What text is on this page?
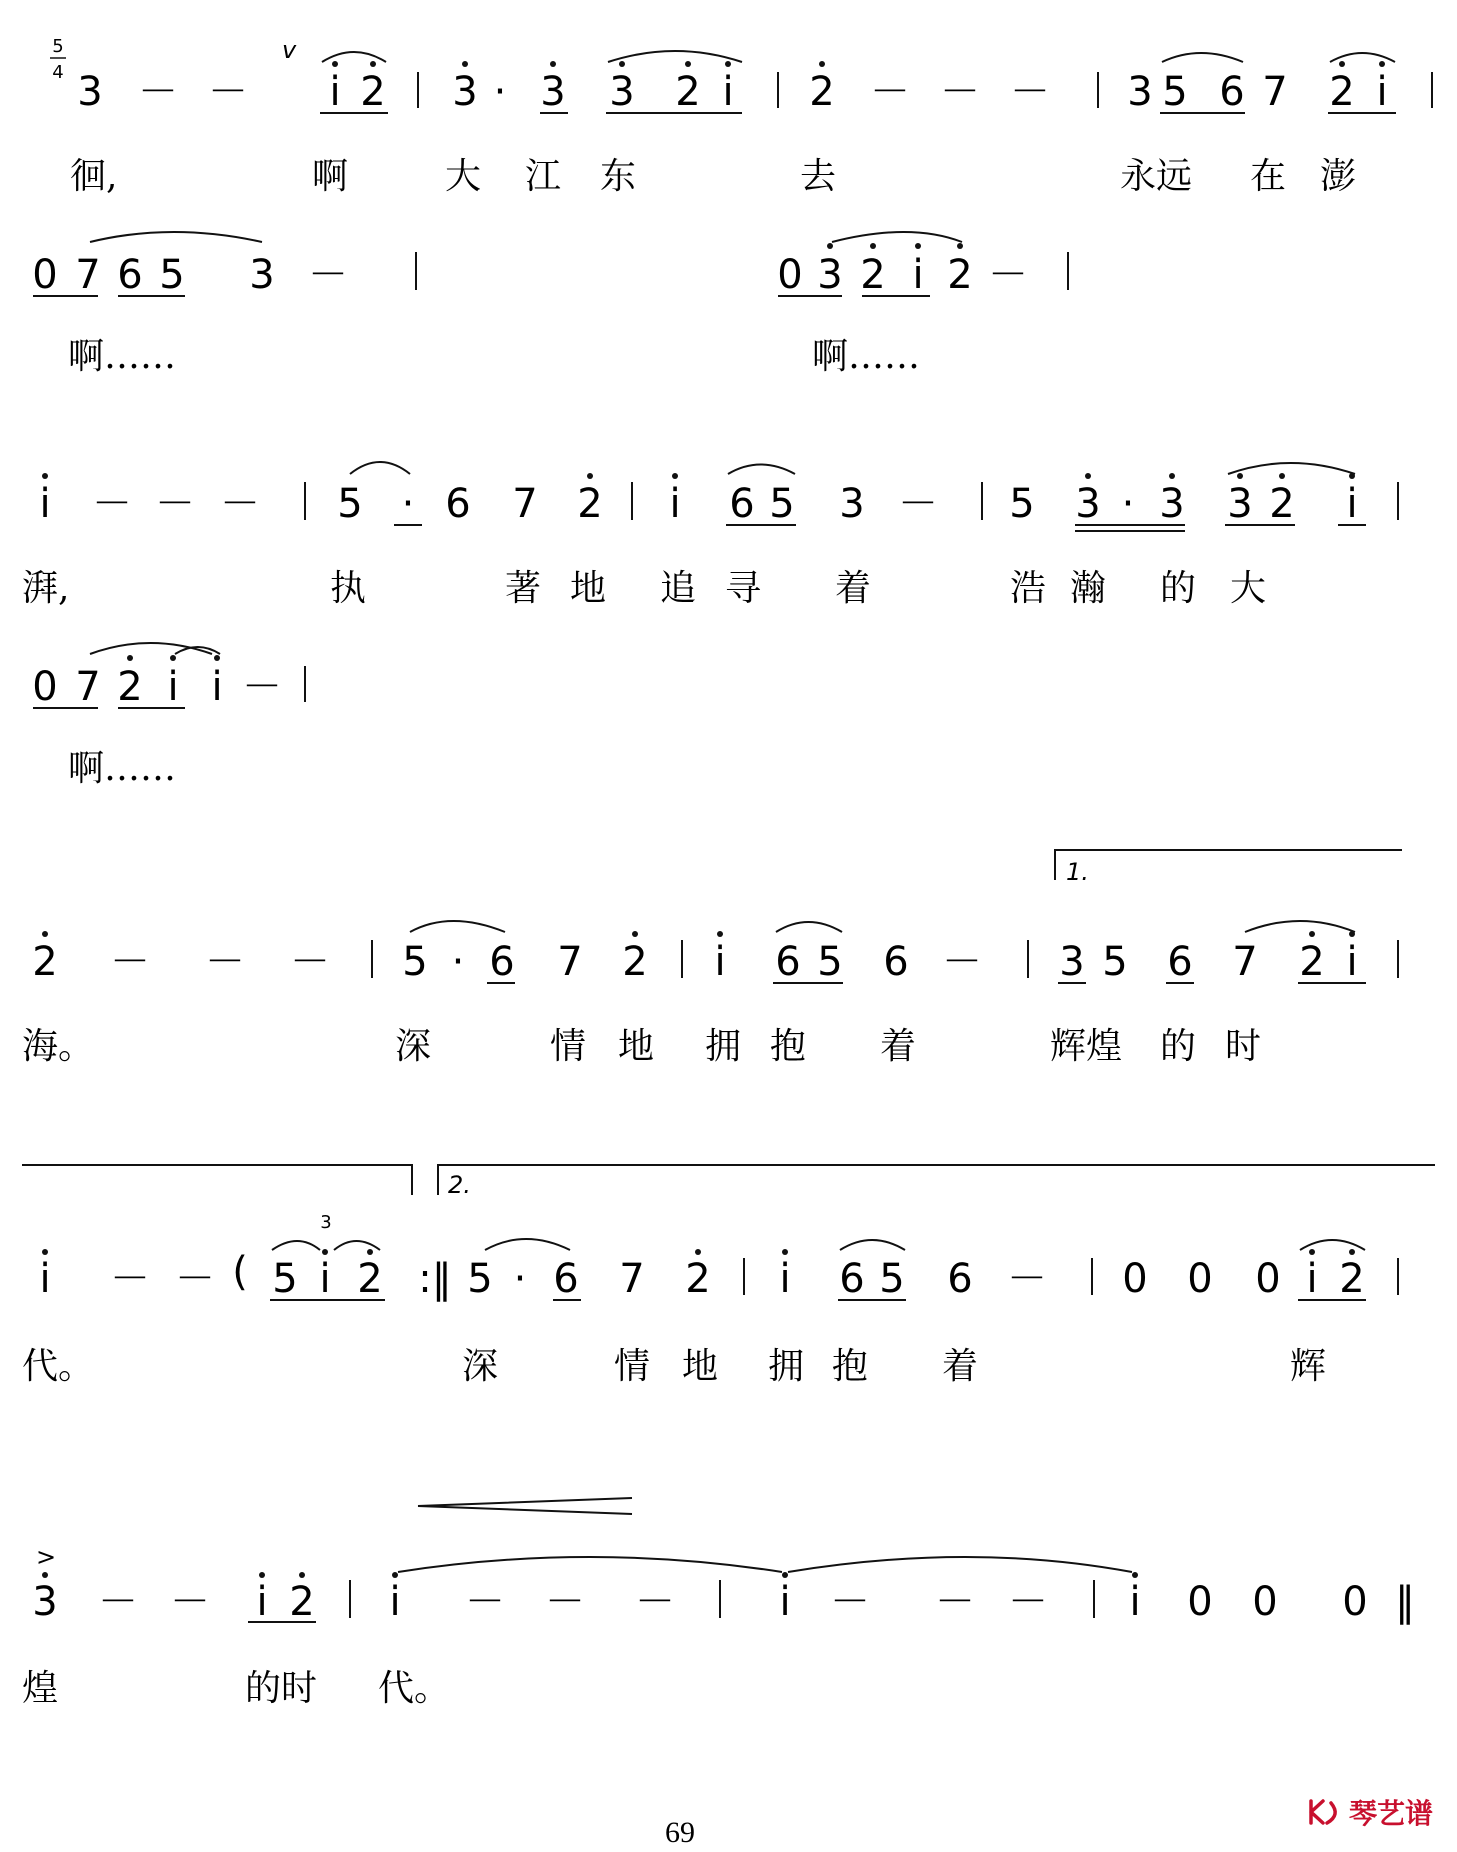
5
4
v
3 － － i 2 3 · 3 3 2 i 2 － － － 3 5 6 7 2 i
徊,	啊	大 江 东	去	永远 在 澎
0 7 6 5 3 －	0 3 2 i 2 －
啊……	啊……
i － － － 5 · 6 7 2 i 6 5 3 － 5 3 · 3 3 2 i
湃,	执	著 地 追 寻 着	浩 瀚 的 大
0 7 2 i i －
啊……
1.
2 － － － 5 · 6 7 2 i 6 5 6 － 3 5 6 7 2 i
海。	深	情 地 拥 抱 着	辉煌 的 时
2.
3
i － － ( 5 i 2 :‖ 5 · 6 7 2 i 6 5 6 － 0 0 0 i 2
代。	深	情 地 拥 抱 着	辉
>
3 － － i 2 i － － －	i － － － i 0 0 0 ‖
煌	的时 代。
69
琴艺谱
